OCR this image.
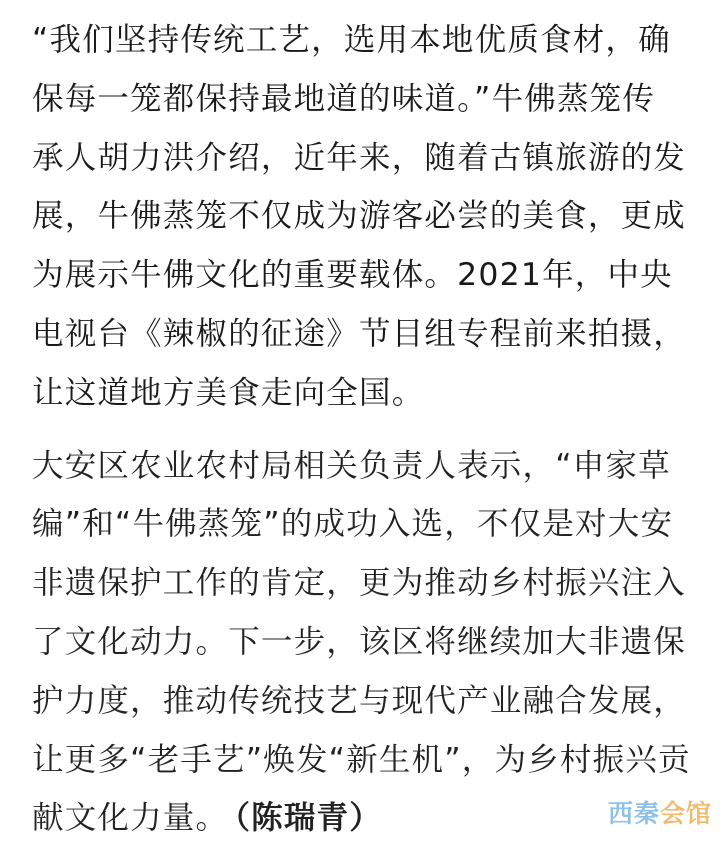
“我们坚持传统工艺，选用本地优质食材，确
保每一笼都保持最地道的味道。”牛佛蒸笼传
承人胡力洪介绍，近年来，随着古镇旅游的发
展，牛佛蒸笼不仅成为游客必尝的美食，更成
为展示牛佛文化的重要载体。2021年，中央
电视台《辣椒的征途》节目组专程前来拍摄，
让这道地方美食走向全国。

大安区农业农村局相关负责人表示，“申家草
编”和“牛佛蒸笼”的成功入选，不仅是对大安
非遗保护工作的肯定，更为推动乡村振兴注入
了文化动力。下一步，该区将继续加大非遗保
护力度，推动传统技艺与现代产业融合发展，
让更多“老手艺”焕发“新生机”，为乡村振兴贡
献文化力量。 （陈瑞青）	西秦会馆
